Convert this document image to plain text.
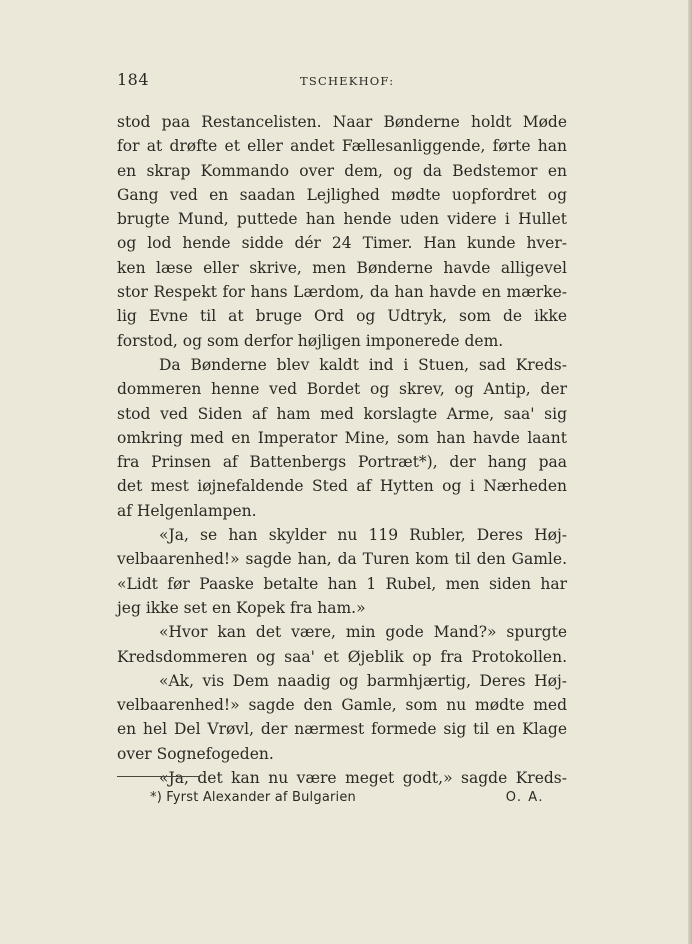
184	TSCHEKHOF:
stod paa Restancelisten. Naar Bønderne holdt Møde
for at drøfte et eller andet Fællesanliggende, førte han
en skrap Kommando over dem, og da Bedstemor en
Gang ved en saadan Lejlighed mødte uopfordret og
brugte Mund, puttede han hende uden videre i Hullet
og lod hende sidde dér 24 Timer. Han kunde hver-
ken læse eller skrive, men Bønderne havde alligevel
stor Respekt for hans Lærdom, da han havde en mærke-
lig Evne til at bruge Ord og Udtryk, som de ikke
forstod, og som derfor højligen imponerede dem.
Da Bønderne blev kaldt ind i Stuen, sad Kreds-
dommeren henne ved Bordet og skrev, og Antip, der
stod ved Siden af ham med korslagte Arme, saa' sig
omkring med en Imperator Mine, som han havde laant
fra Prinsen af Battenbergs Portræt*), der hang paa
det mest iøjnefaldende Sted af Hytten og i Nærheden
af Helgenlampen.
«Ja, se han skylder nu 119 Rubler, Deres Høj-
velbaarenhed!» sagde han, da Turen kom til den Gamle.
«Lidt før Paaske betalte han 1 Rubel, men siden har
jeg ikke set en Kopek fra ham.»
«Hvor kan det være, min gode Mand?» spurgte
Kredsdommeren og saa' et Øjeblik op fra Protokollen.
«Ak, vis Dem naadig og barmhjærtig, Deres Høj-
velbaarenhed!» sagde den Gamle, som nu mødte med
en hel Del Vrøvl, der nærmest formede sig til en Klage
over Sognefogeden.
«Ja, det kan nu være meget godt,» sagde Kreds-
*) Fyrst Alexander af Bulgarien	O. A.
